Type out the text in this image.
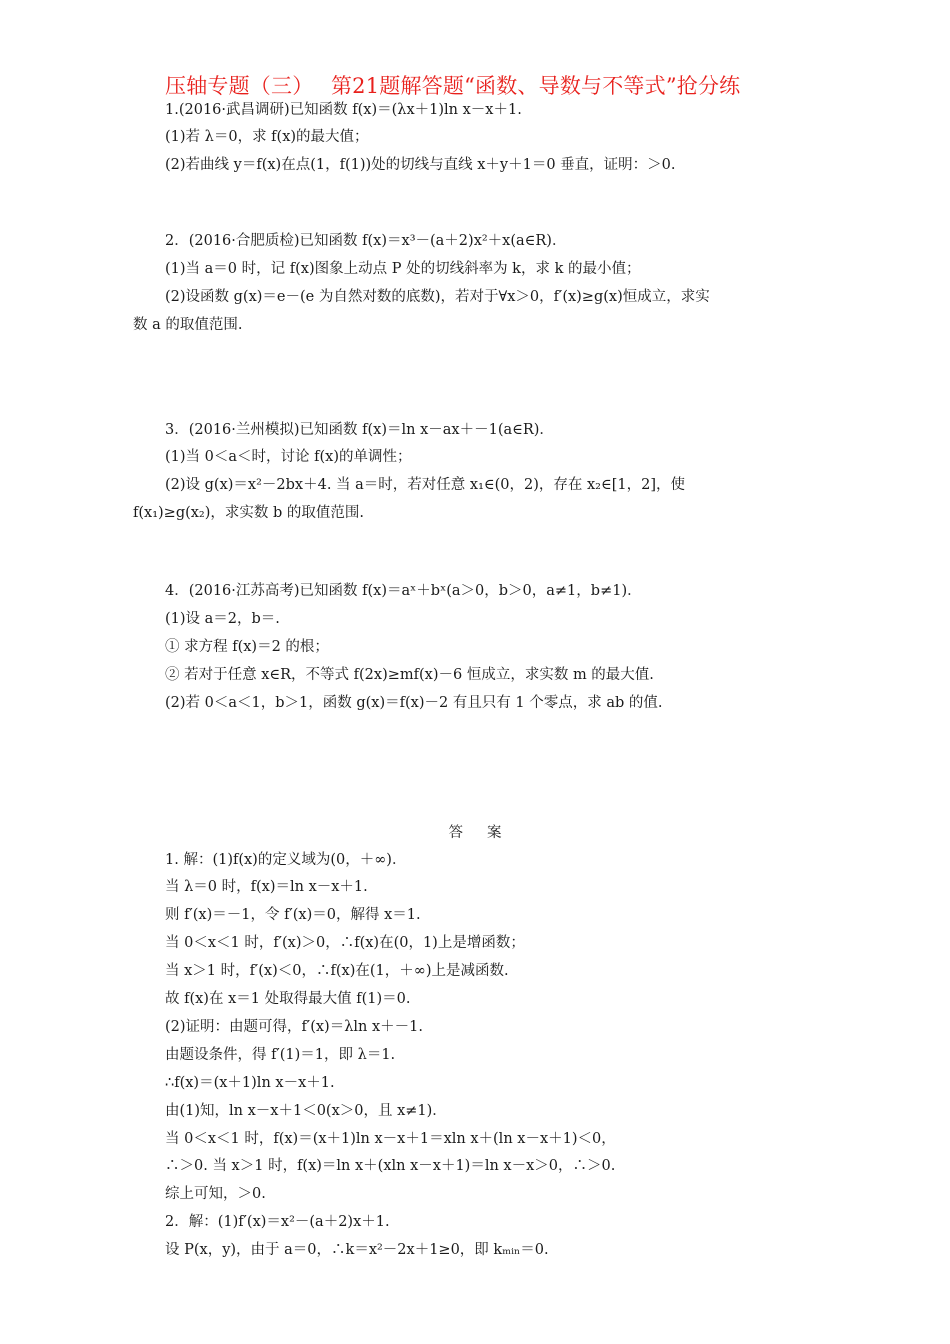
压轴专题（三）　 第21题解答题“函数、导数与不等式”抢分练
1.(2016·武昌调研)已知函数 f(x)＝(λx＋1)ln x－x＋1.
(1)若 λ＝0，求 f(x)的最大值；
(2)若曲线 y＝f(x)在点(1，f(1))处的切线与直线 x＋y＋1＝0 垂直，证明：＞0.
2．(2016·合肥质检)已知函数 f(x)＝x³－(a＋2)x²＋x(a∈R)．
(1)当 a＝0 时，记 f(x)图象上动点 P 处的切线斜率为 k，求 k 的最小值；
(2)设函数 g(x)＝e－(e 为自然对数的底数)，若对于∀x＞0，f′(x)≥g(x)恒成立，求实
数 a 的取值范围.
3．(2016·兰州模拟)已知函数 f(x)＝ln x－ax＋－1(a∈R)．
(1)当 0＜a＜时，讨论 f(x)的单调性；
(2)设 g(x)＝x²－2bx＋4. 当 a＝时，若对任意 x₁∈(0，2)，存在 x₂∈[1，2]，使
f(x₁)≥g(x₂)，求实数 b 的取值范围.
4．(2016·江苏高考)已知函数 f(x)＝aˣ＋bˣ(a＞0，b＞0，a≠1，b≠1)．
(1)设 a＝2，b＝.
① 求方程 f(x)＝2 的根；
② 若对于任意 x∈R，不等式 f(2x)≥mf(x)－6 恒成立，求实数 m 的最大值.
(2)若 0＜a＜1，b＞1，函数 g(x)＝f(x)－2 有且只有 1 个零点，求 ab 的值.
答案
1. 解：(1)f(x)的定义域为(0，＋∞)．
当 λ＝0 时，f(x)＝ln x－x＋1.
则 f′(x)＝－1，令 f′(x)＝0，解得 x＝1.
当 0＜x＜1 时，f′(x)＞0，∴f(x)在(0，1)上是增函数；
当 x＞1 时，f′(x)＜0，∴f(x)在(1，＋∞)上是减函数.
故 f(x)在 x＝1 处取得最大值 f(1)＝0.
(2)证明：由题可得，f′(x)＝λln x＋－1.
由题设条件，得 f′(1)＝1，即 λ＝1.
∴f(x)＝(x＋1)ln x－x＋1.
由(1)知，ln x－x＋1＜0(x＞0，且 x≠1)．
当 0＜x＜1 时，f(x)＝(x＋1)ln x－x＋1＝xln x＋(ln x－x＋1)＜0，
∴＞0. 当 x＞1 时，f(x)＝ln x＋(xln x－x＋1)＝ln x－x＞0，∴＞0.
综上可知，＞0.
2．解：(1)f′(x)＝x²－(a＋2)x＋1.
设 P(x，y)，由于 a＝0，∴k＝x²－2x＋1≥0，即 kₘᵢₙ＝0.
